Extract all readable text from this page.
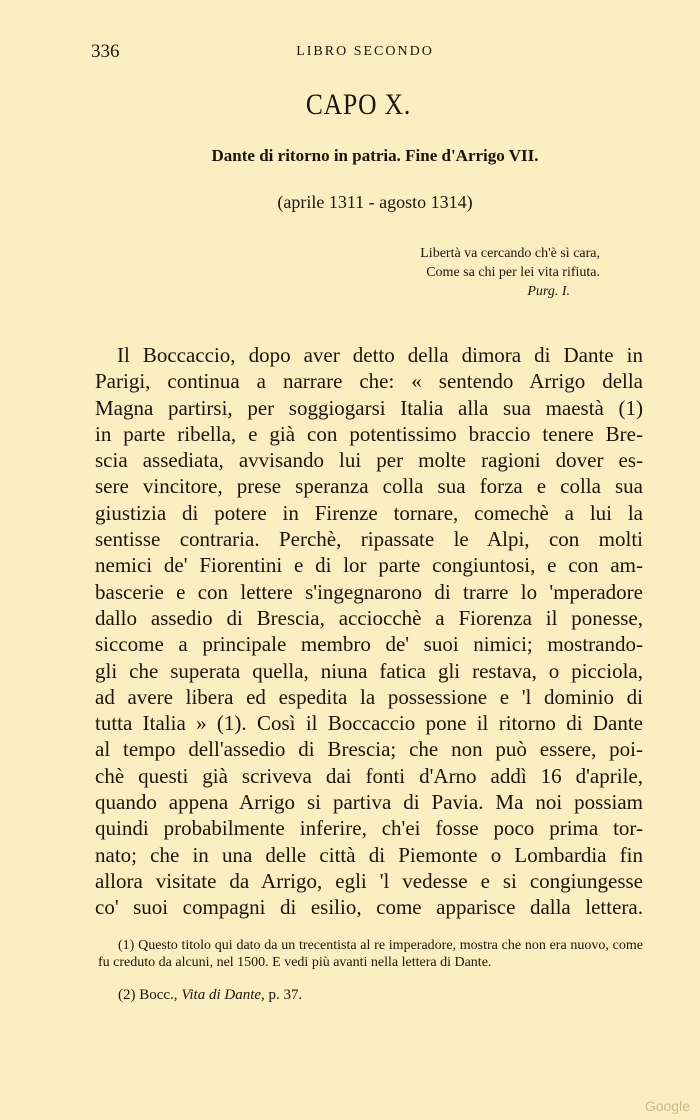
336	LIBRO SECONDO
CAPO X.
Dante di ritorno in patria. Fine d'Arrigo VII.
(aprile 1311 - agosto 1314)
Libertà va cercando ch'è sì cara,
Come sa chi per lei vita rifiuta.
Purg. I.
Il Boccaccio, dopo aver detto della dimora di Dante in
Parigi, continua a narrare che: « sentendo Arrigo della
Magna partirsi, per soggiogarsi Italia alla sua maestà (1)
in parte ribella, e già con potentissimo braccio tenere Bre-
scia assediata, avvisando lui per molte ragioni dover es-
sere vincitore, prese speranza colla sua forza e colla sua
giustizia di potere in Firenze tornare, comechè a lui la
sentisse contraria. Perchè, ripassate le Alpi, con molti
nemici de' Fiorentini e di lor parte congiuntosi, e con am-
bascerie e con lettere s'ingegnarono di trarre lo 'mperadore
dallo assedio di Brescia, acciocchè a Fiorenza il ponesse,
siccome a principale membro de' suoi nimici; mostrando-
gli che superata quella, niuna fatica gli restava, o picciola,
ad avere libera ed espedita la possessione e 'l dominio di
tutta Italia » (1). Così il Boccaccio pone il ritorno di Dante
al tempo dell'assedio di Brescia; che non può essere, poi-
chè questi già scriveva dai fonti d'Arno addì 16 d'aprile,
quando appena Arrigo si partiva di Pavia. Ma noi possiam
quindi probabilmente inferire, ch'ei fosse poco prima tor-
nato; che in una delle città di Piemonte o Lombardia fin
allora visitate da Arrigo, egli 'l vedesse e si congiungesse
co' suoi compagni di esilio, come apparisce dalla lettera.
(1) Questo titolo qui dato da un trecentista al re imperadore, mostra che non era nuovo, come fu creduto da alcuni, nel 1500. E vedi più avanti nella lettera di Dante.
(2) Bocc., Vita di Dante, p. 37.
Google
